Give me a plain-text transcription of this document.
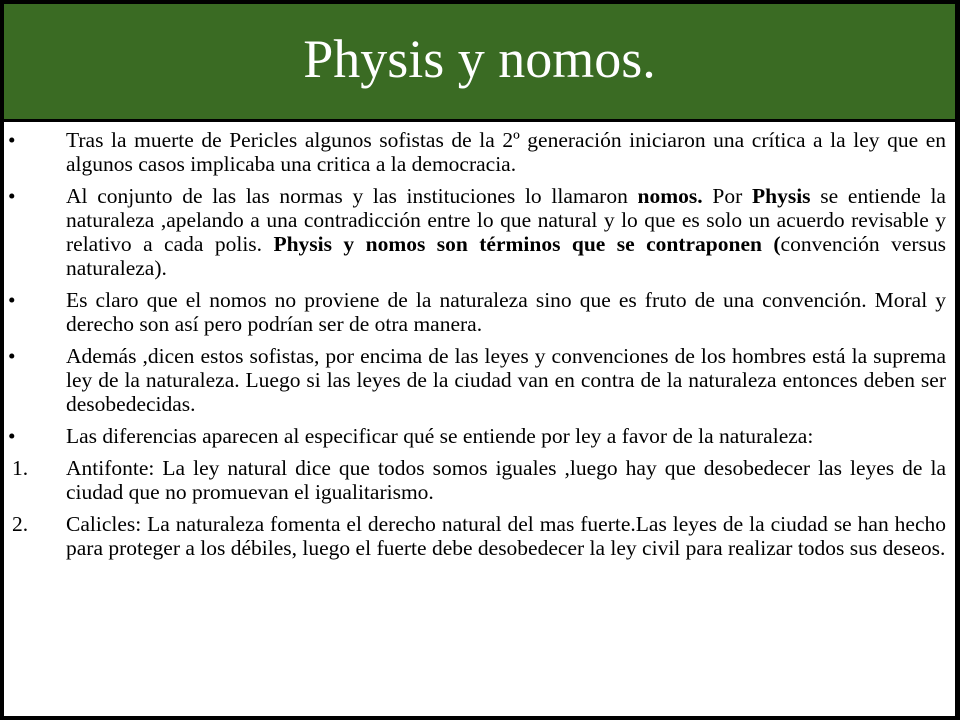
Physis y nomos.
•	Tras la muerte de Pericles algunos sofistas de la 2º generación iniciaron una crítica a la ley que en algunos casos implicaba una critica a la democracia.

•	Al conjunto de las las normas y las instituciones lo llamaron nomos. Por Physis se entiende la naturaleza ,apelando a una contradicción entre lo que natural y lo que es solo un acuerdo revisable y relativo a cada polis. Physis y nomos son términos que se contraponen (convención versus naturaleza).

•	Es claro que el nomos no proviene de la naturaleza sino que es fruto de una convención. Moral y derecho son así pero podrían ser de otra manera.

•	Además ,dicen estos sofistas, por encima de las leyes y convenciones de los hombres está la suprema ley de la naturaleza. Luego si las leyes de la ciudad van en contra de la naturaleza entonces deben ser desobedecidas.

•	Las diferencias aparecen al especificar qué se entiende por ley a favor de la naturaleza:

1.	Antifonte: La ley natural dice que todos somos iguales ,luego hay que desobedecer las leyes de la ciudad que no promuevan el igualitarismo.

2.	Calicles: La naturaleza fomenta el derecho natural del mas fuerte.Las leyes de la ciudad se han hecho para proteger a los débiles, luego el fuerte debe desobedecer la ley civil para realizar todos sus deseos.
